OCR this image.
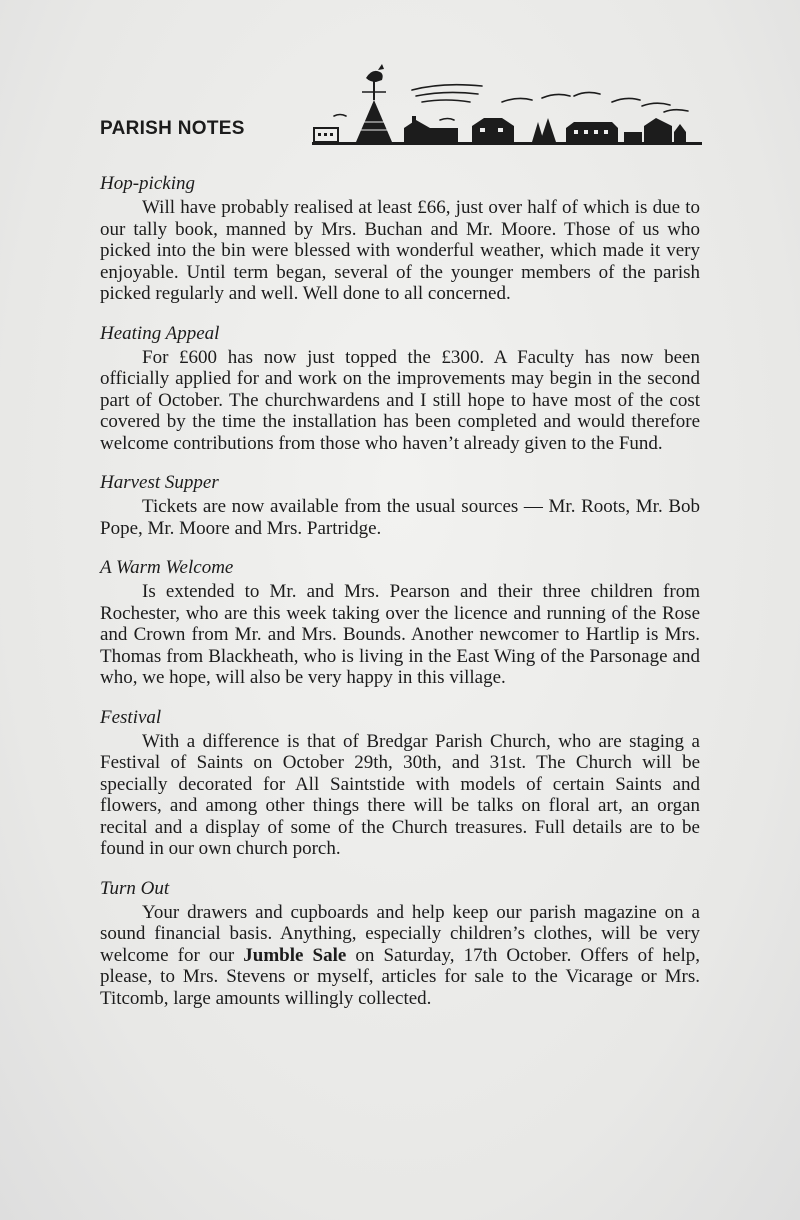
PARISH NOTES
Hop-picking

Will have probably realised at least £66, just over half of which is due to our tally book, manned by Mrs. Buchan and Mr. Moore. Those of us who picked into the bin were blessed with wonderful weather, which made it very enjoyable. Until term began, several of the younger members of the parish picked regularly and well. Well done to all concerned.

Heating Appeal

For £600 has now just topped the £300. A Faculty has now been officially applied for and work on the improvements may begin in the second part of October. The churchwardens and I still hope to have most of the cost covered by the time the installation has been completed and would therefore welcome contributions from those who haven’t already given to the Fund.

Harvest Supper

Tickets are now available from the usual sources — Mr. Roots, Mr. Bob Pope, Mr. Moore and Mrs. Partridge.

A Warm Welcome

Is extended to Mr. and Mrs. Pearson and their three children from Rochester, who are this week taking over the licence and running of the Rose and Crown from Mr. and Mrs. Bounds. Another newcomer to Hartlip is Mrs. Thomas from Blackheath, who is living in the East Wing of the Parsonage and who, we hope, will also be very happy in this village.

Festival

With a difference is that of Bredgar Parish Church, who are staging a Festival of Saints on October 29th, 30th, and 31st. The Church will be specially decorated for All Saintstide with models of certain Saints and flowers, and among other things there will be talks on floral art, an organ recital and a display of some of the Church treasures. Full details are to be found in our own church porch.

Turn Out

Your drawers and cupboards and help keep our parish magazine on a sound financial basis. Anything, especially children’s clothes, will be very welcome for our Jumble Sale on Saturday, 17th October. Offers of help, please, to Mrs. Stevens or myself, articles for sale to the Vicarage or Mrs. Titcomb, large amounts willingly collected.
